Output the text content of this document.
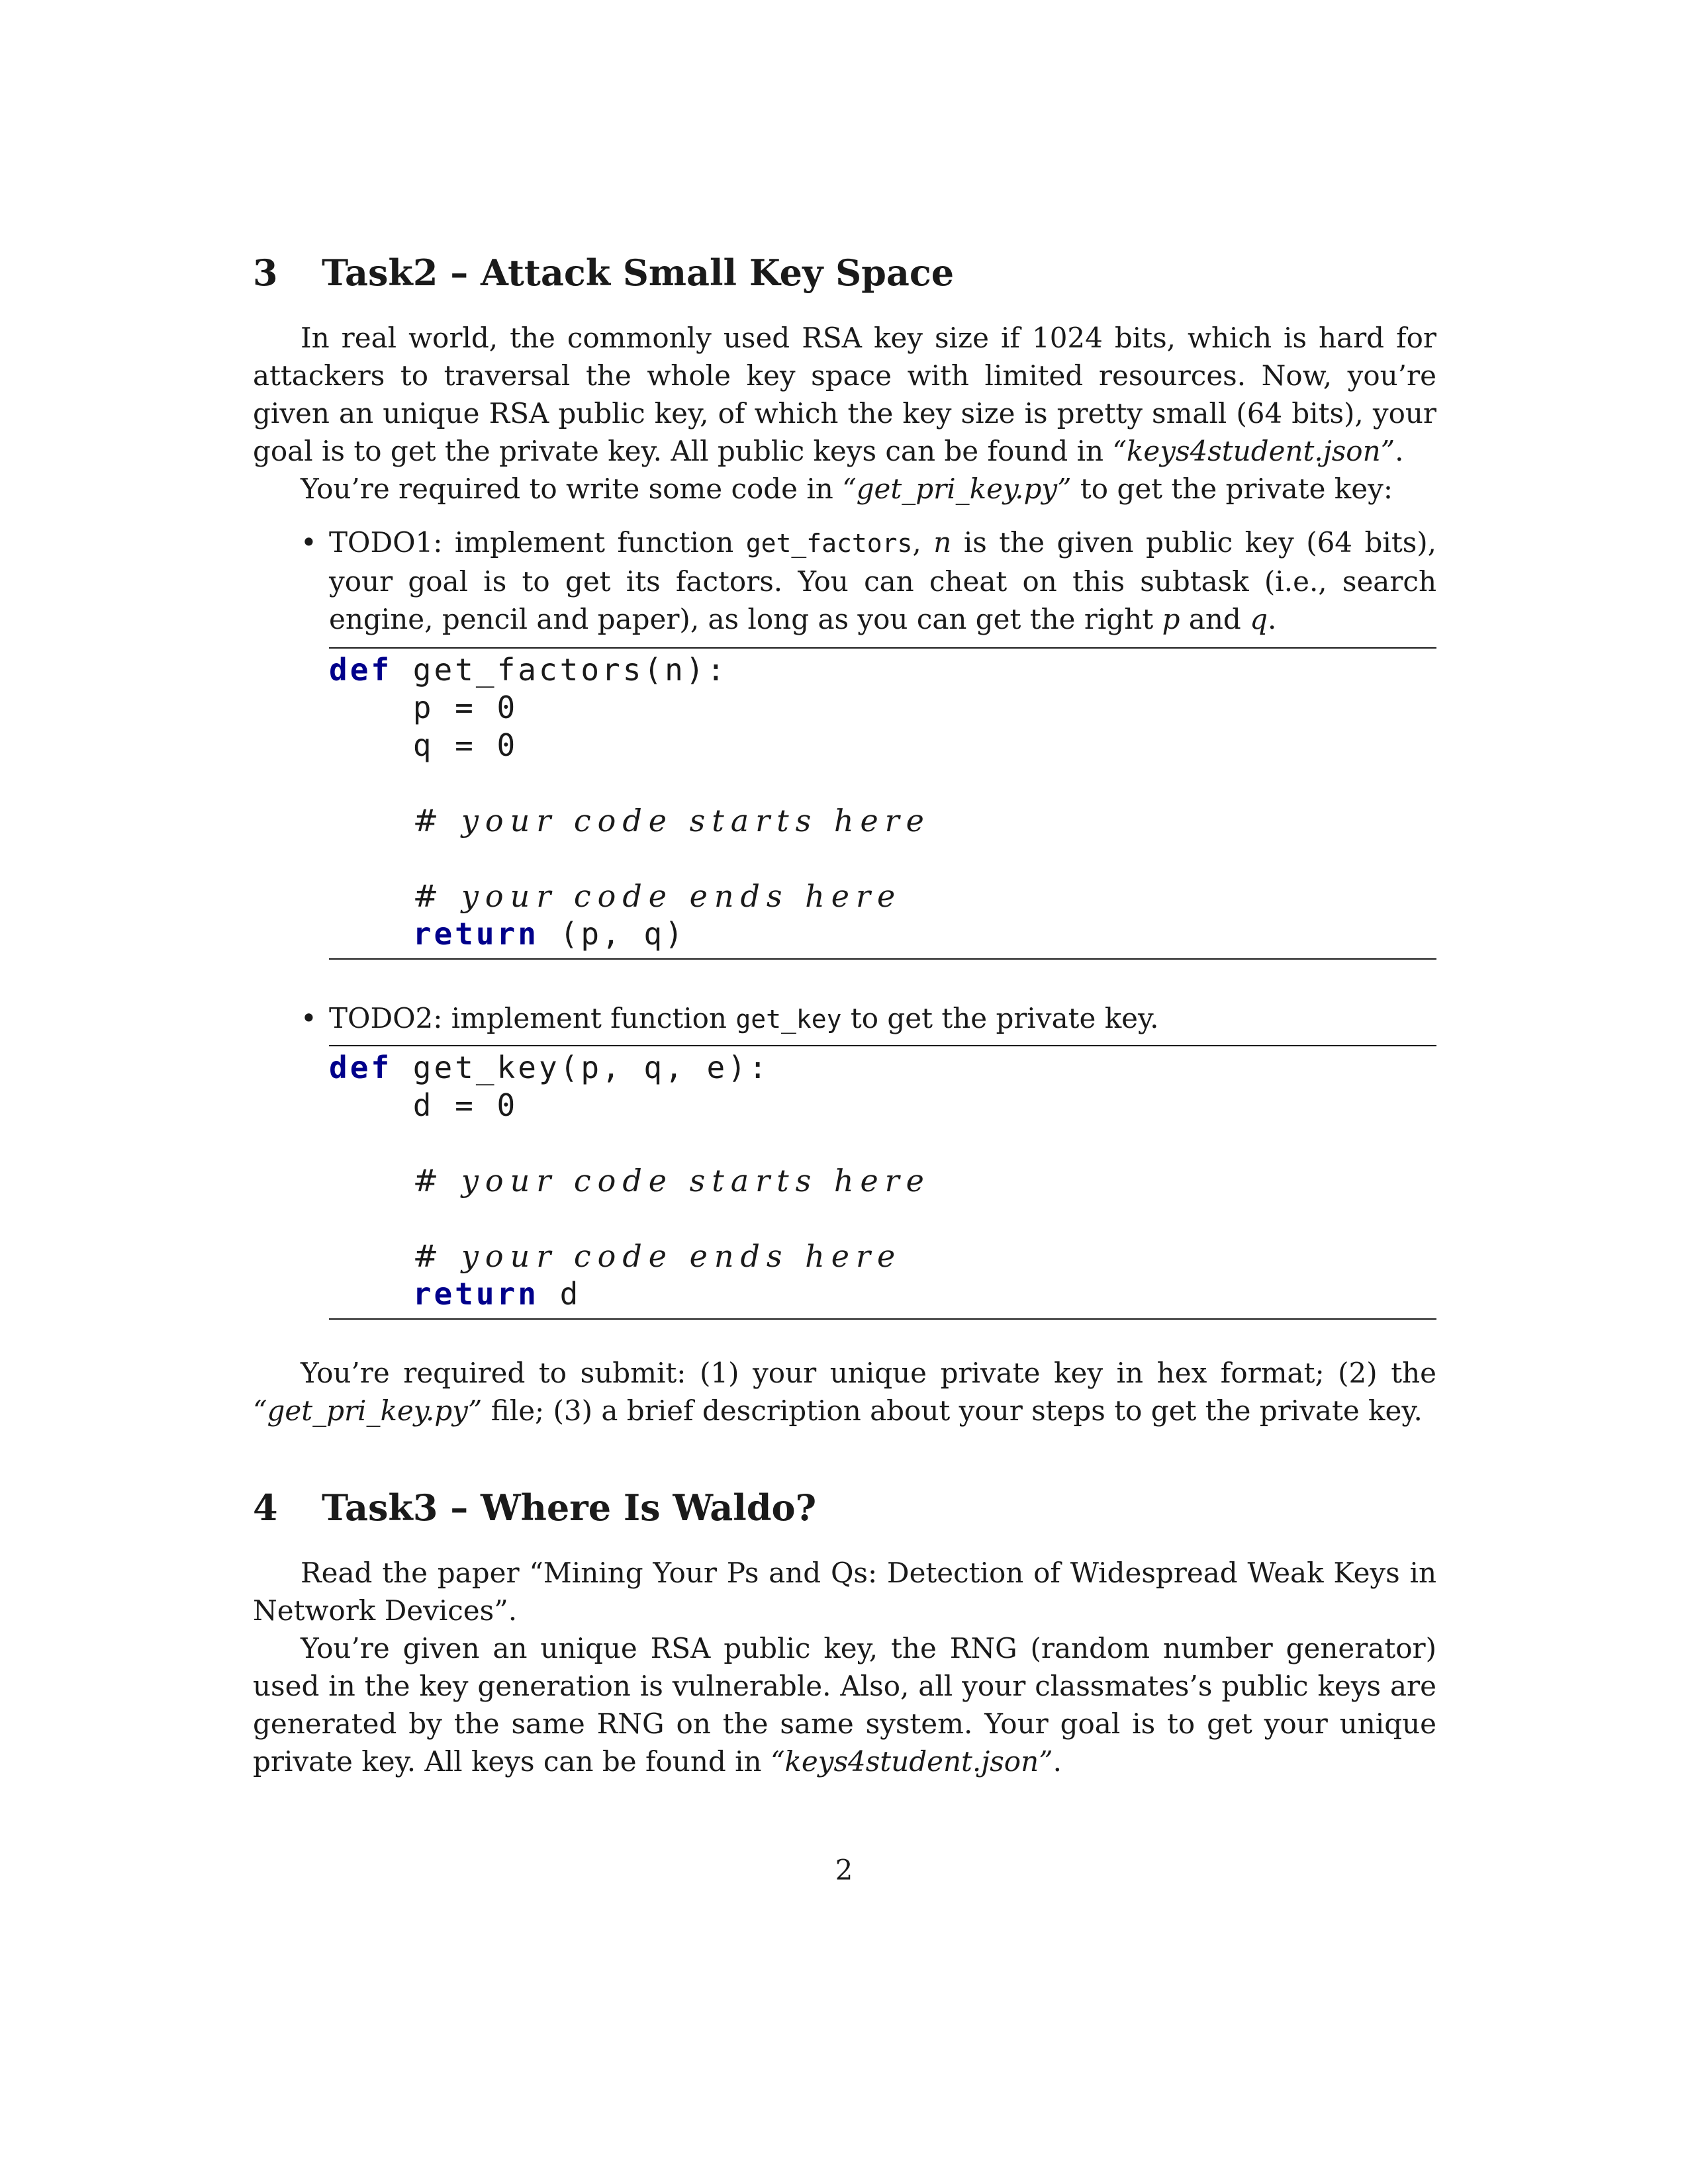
3	Task2 – Attack Small Key Space

In real world, the commonly used RSA key size if 1024 bits, which is hard for attackers to traversal the whole key space with limited resources. Now, you’re given an unique RSA public key, of which the key size is pretty small (64 bits), your goal is to get the private key. All public keys can be found in “keys4student.json”.

You’re required to write some code in “get_pri_key.py” to get the private key:

• TODO1: implement function get_factors, n is the given public key (64 bits), your goal is to get its factors. You can cheat on this subtask (i.e., search engine, pencil and paper), as long as you can get the right p and q.
def get_factors(n):
p = 0
q = 0
# your code starts here
# your code ends here
return (p, q)
• TODO2: implement function get_key to get the private key.
def get_key(p, q, e):
d = 0
# your code starts here
# your code ends here
return d

You’re required to submit: (1) your unique private key in hex format; (2) the “get_pri_key.py” file; (3) a brief description about your steps to get the private key.

4	Task3 – Where Is Waldo?

Read the paper “Mining Your Ps and Qs: Detection of Widespread Weak Keys in Network Devices”.

You’re given an unique RSA public key, the RNG (random number generator) used in the key generation is vulnerable. Also, all your classmates’s public keys are generated by the same RNG on the same system. Your goal is to get your unique private key. All keys can be found in “keys4student.json”.

2
